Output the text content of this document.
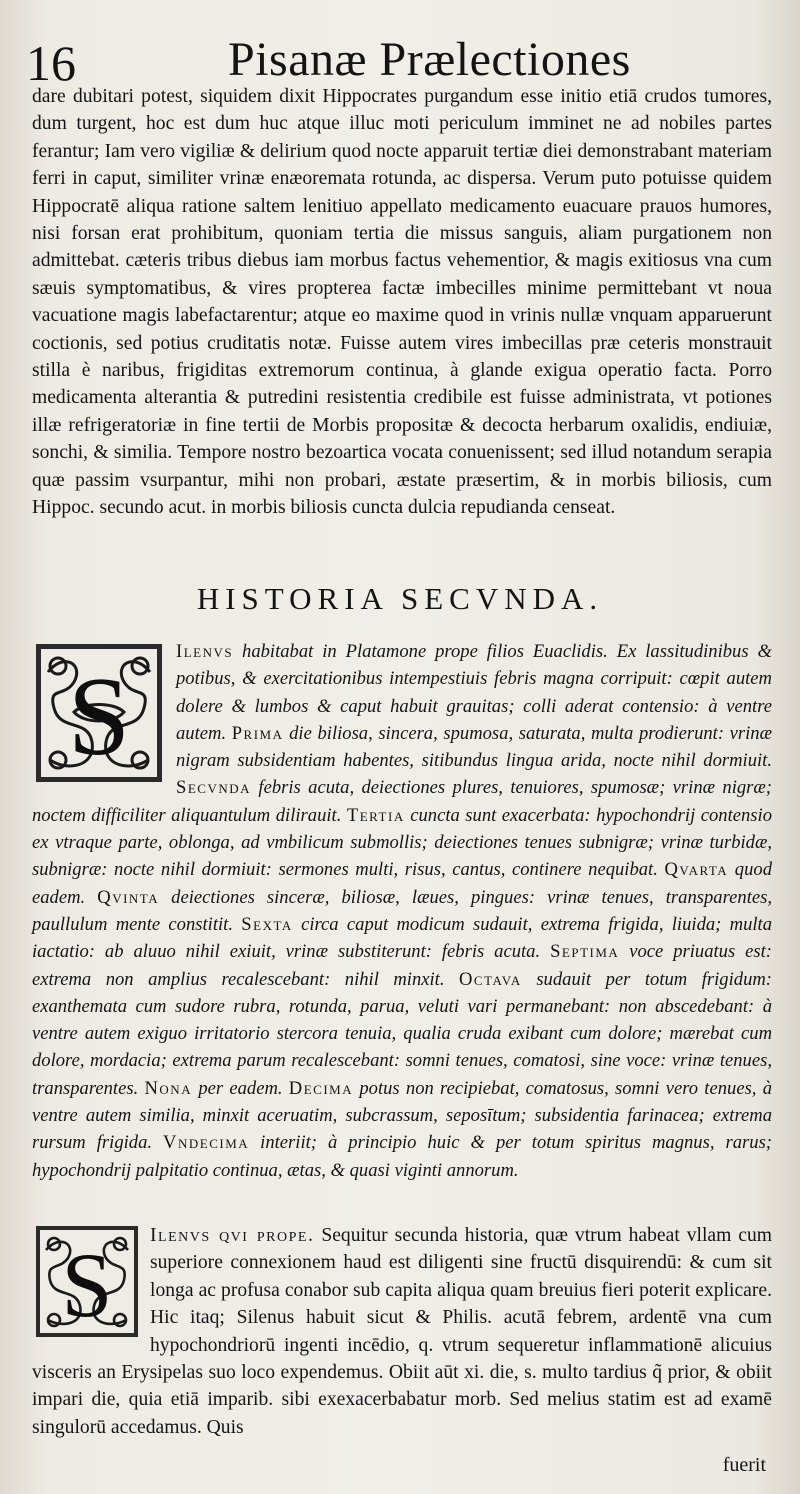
16	Pisanæ Prælectiones

dare dubitari potest, siquidem dixit Hippocrates purgandum esse initio etiā crudos tumores, dum turgent, hoc est dum huc atque illuc moti periculum imminet ne ad nobiles partes ferantur; Iam vero vigiliæ & delirium quod nocte apparuit tertiæ diei demonstrabant materiam ferri in caput, similiter vrinæ enæoremata rotunda, ac dispersa. Verum puto potuisse quidem Hippocratē aliqua ratione saltem lenitiuo appellato medicamento euacuare prauos humores, nisi forsan erat prohibitum, quoniam tertia die missus sanguis, aliam purgationem non admittebat. cæteris tribus diebus iam morbus factus vehementior, & magis exitiosus vna cum sæuis symptomatibus, & vires propterea factæ imbecilles minime permittebant vt noua vacuatione magis labefactarentur; atque eo maxime quod in vrinis nullæ vnquam apparuerunt coctionis, sed potius cruditatis notæ. Fuisse autem vires imbecillas præ ceteris monstrauit stilla è naribus, frigiditas extremorum continua, à glande exigua operatio facta. Porro medicamenta alterantia & putredini resistentia credibile est fuisse administrata, vt potiones illæ refrigeratoriæ in fine tertii de Morbis propositæ & decocta herbarum oxalidis, endiuiæ, sonchi, & similia. Tempore nostro bezoartica vocata conuenissent; sed illud notandum serapia quæ passim vsurpantur, mihi non probari, æstate præsertim, & in morbis biliosis, cum Hippoc. secundo acut. in morbis biliosis cuncta dulcia repudianda censeat.

HISTORIA SECVNDA.
S

Ilenvs habitabat in Platamone prope filios Euaclidis. Ex lassitudinibus & potibus, & exercitationibus intempestiuis febris magna corripuit: cœpit autem dolere & lumbos & caput habuit grauitas; colli aderat contensio: à ventre autem. Prima die biliosa, sincera, spumosa, saturata, multa prodierunt: vrinæ nigram subsidentiam habentes, sitibundus lingua arida, nocte nihil dormiuit. Secvnda febris acuta, deiectiones plures, tenuiores, spumosæ; vrinæ nigræ; noctem difficiliter aliquantulum dilirauit. Tertia cuncta sunt exacerbata: hypochondrij contensio ex vtraque parte, oblonga, ad vmbilicum submollis; deiectiones tenues subnigræ; vrinæ turbidæ, subnigræ: nocte nihil dormiuit: sermones multi, risus, cantus, continere nequibat. Qvarta quod eadem. Qvinta deiectiones sinceræ, biliosæ, læues, pingues: vrinæ tenues, transparentes, paullulum mente constitit. Sexta circa caput modicum sudauit, extrema frigida, liuida; multa iactatio: ab aluuo nihil exiuit, vrinæ substiterunt: febris acuta. Septima voce priuatus est: extrema non amplius recalescebant: nihil minxit. Octava sudauit per totum frigidum: exanthemata cum sudore rubra, rotunda, parua, veluti vari permanebant: non abscedebant: à ventre autem exiguo irritatorio stercora tenuia, qualia cruda exibant cum dolore; mærebat cum dolore, mordacia; extrema parum recalescebant: somni tenues, comatosi, sine voce: vrinæ tenues, transparentes. Nona per eadem. Decima potus non recipiebat, comatosus, somni vero tenues, à ventre autem similia, minxit aceruatim, subcrassum, seposītum; subsidentia farinacea; extrema rursum frigida. Vndecima interiit; à principio huic & per totum spiritus magnus, rarus; hypochondrij palpitatio continua, ætas, & quasi viginti annorum.

S	Ilenvs qvi prope. Sequitur secunda historia, quæ vtrum habeat vllam cum superiore connexionem haud est diligenti sine fructū disquirendū: & cum sit longa ac profusa conabor sub capita aliqua quam breuius fieri poterit explicare. Hic itaq; Silenus habuit sicut & Philis. acutā febrem, ardentē vna cum hypochondriorū ingenti incēdio, q. vtrum sequeretur inflammationē alicuius visceris an Erysipelas suo loco expendemus. Obiit aūt xi. die, s. multo tardius q̃ prior, & obiit impari die, quia etiā imparib. sibi exexacerbabatur morb. Sed melius statim est ad examē singulorū accedamus. Quis

fuerit
